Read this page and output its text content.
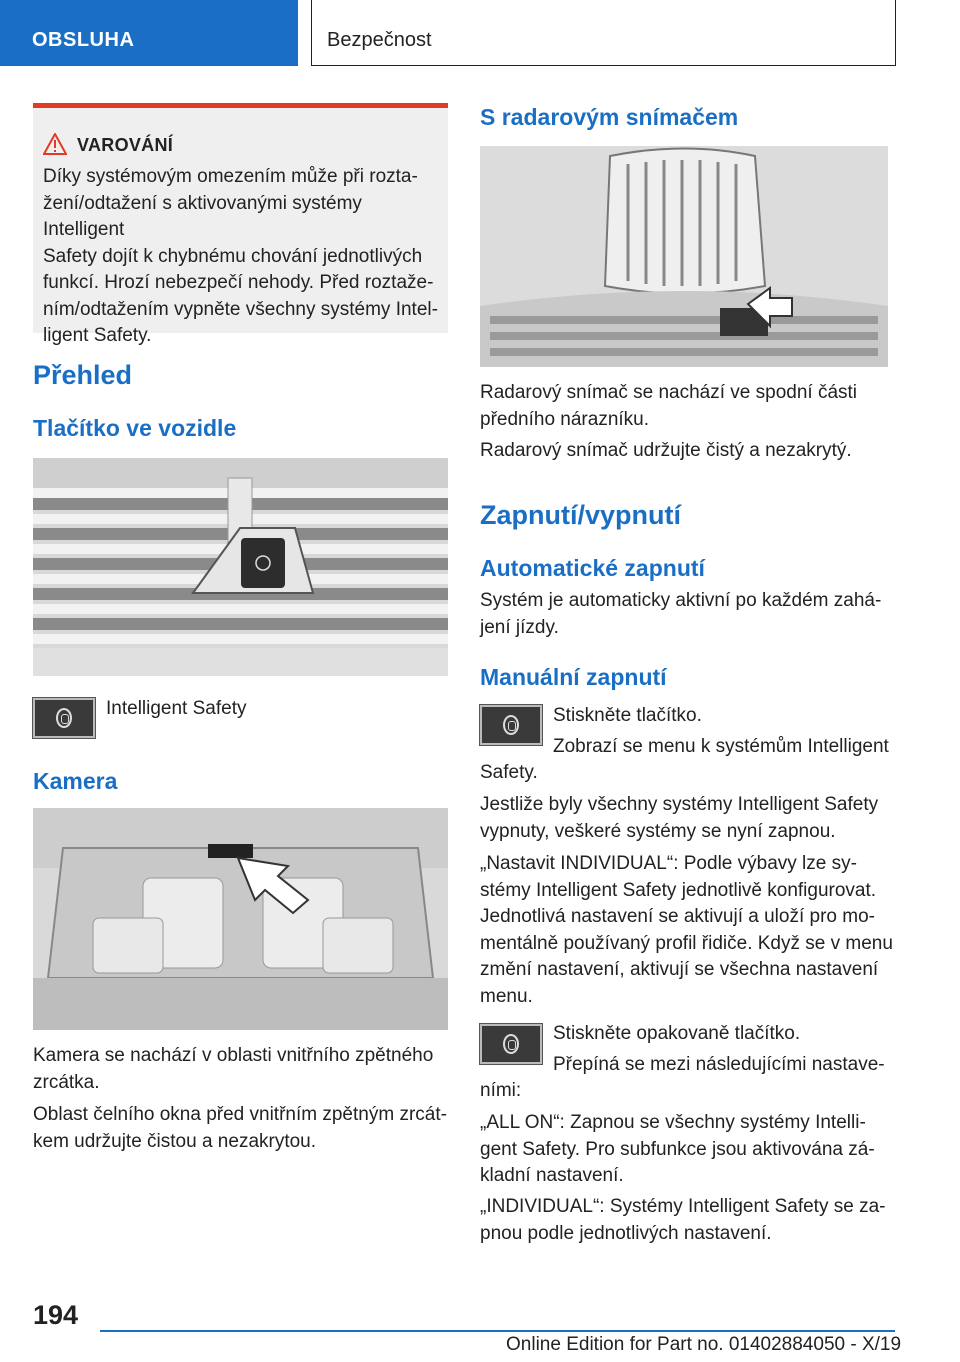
OBSLUHA	Bezpečnost
VAROVÁNÍ
Díky systémovým omezením může při rozta-
žení/odtažení s aktivovanými systémy Intelligent
Safety dojít k chybnému chování jednotlivých
funkcí. Hrozí nebezpečí nehody. Před roztaže-
ním/odtažením vypněte všechny systémy Intel-
ligent Safety.
Přehled
Tlačítko ve vozidle

Intelligent Safety

Kamera

Kamera se nachází v oblasti vnitřního zpětného
zrcátka.

Oblast čelního okna před vnitřním zpětným zrcát-
kem udržujte čistou a nezakrytou.

S radarovým snímačem

Radarový snímač se nachází ve spodní části
předního nárazníku.

Radarový snímač udržujte čistý a nezakrytý.

Zapnutí/vypnutí
Automatické zapnutí

Systém je automaticky aktivní po každém zahá-
jení jízdy.

Manuální zapnutí

Stiskněte tlačítko.

Zobrazí se menu k systémům Intelligent

Safety.

Jestliže byly všechny systémy Intelligent Safety
vypnuty, veškeré systémy se nyní zapnou.

„Nastavit INDIVIDUAL“: Podle výbavy lze sy-
stémy Intelligent Safety jednotlivě konfigurovat.
Jednotlivá nastavení se aktivují a uloží pro mo-
mentálně používaný profil řidiče. Když se v menu
změní nastavení, aktivují se všechna nastavení
menu.

Stiskněte opakovaně tlačítko.

Přepíná se mezi následujícími nastave-

ními:

„ALL ON“: Zapnou se všechny systémy Intelli-
gent Safety. Pro subfunkce jsou aktivována zá-
kladní nastavení.

„INDIVIDUAL“: Systémy Intelligent Safety se za-
pnou podle jednotlivých nastavení.

194
Online Edition for Part no. 01402884050 - X/19
